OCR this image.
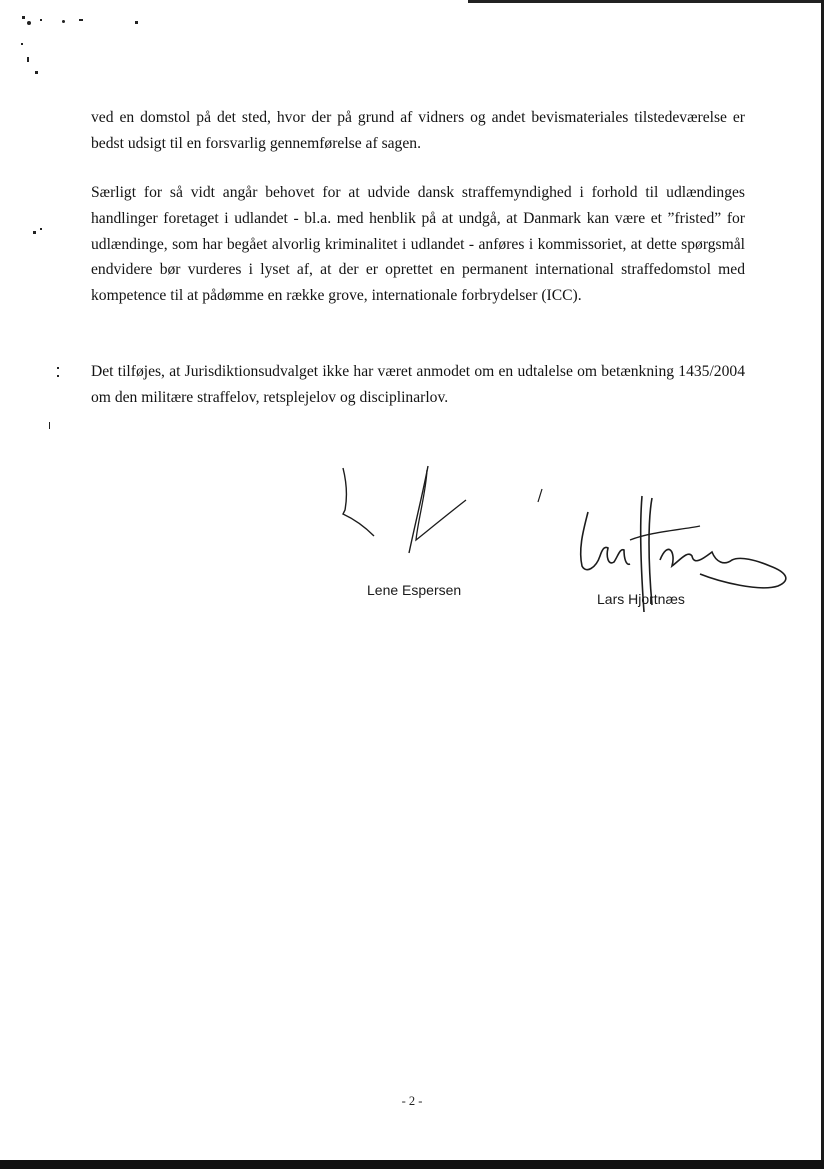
ved en domstol på det sted, hvor der på grund af vidners og andet bevismateriales tilstedeværelse er bedst udsigt til en forsvarlig gennemførelse af sagen.

Særligt for så vidt angår behovet for at udvide dansk straffemyndighed i forhold til udlændinges handlinger foretaget i udlandet - bl.a. med henblik på at undgå, at Danmark kan være et ”fristed” for udlændinge, som har begået alvorlig kriminalitet i udlandet - anføres i kommissoriet, at dette spørgsmål endvidere bør vurderes i lyset af, at der er oprettet en permanent international straffedomstol med kompetence til at pådømme en række grove, internationale forbrydelser (ICC).

Det tilføjes, at Jurisdiktionsudvalget ikke har været anmodet om en udtalelse om betænkning 1435/2004 om den militære straffelov, retsplejelov og disciplinarlov.

Lene Espersen
Lars Hjortnæs
- 2 -
